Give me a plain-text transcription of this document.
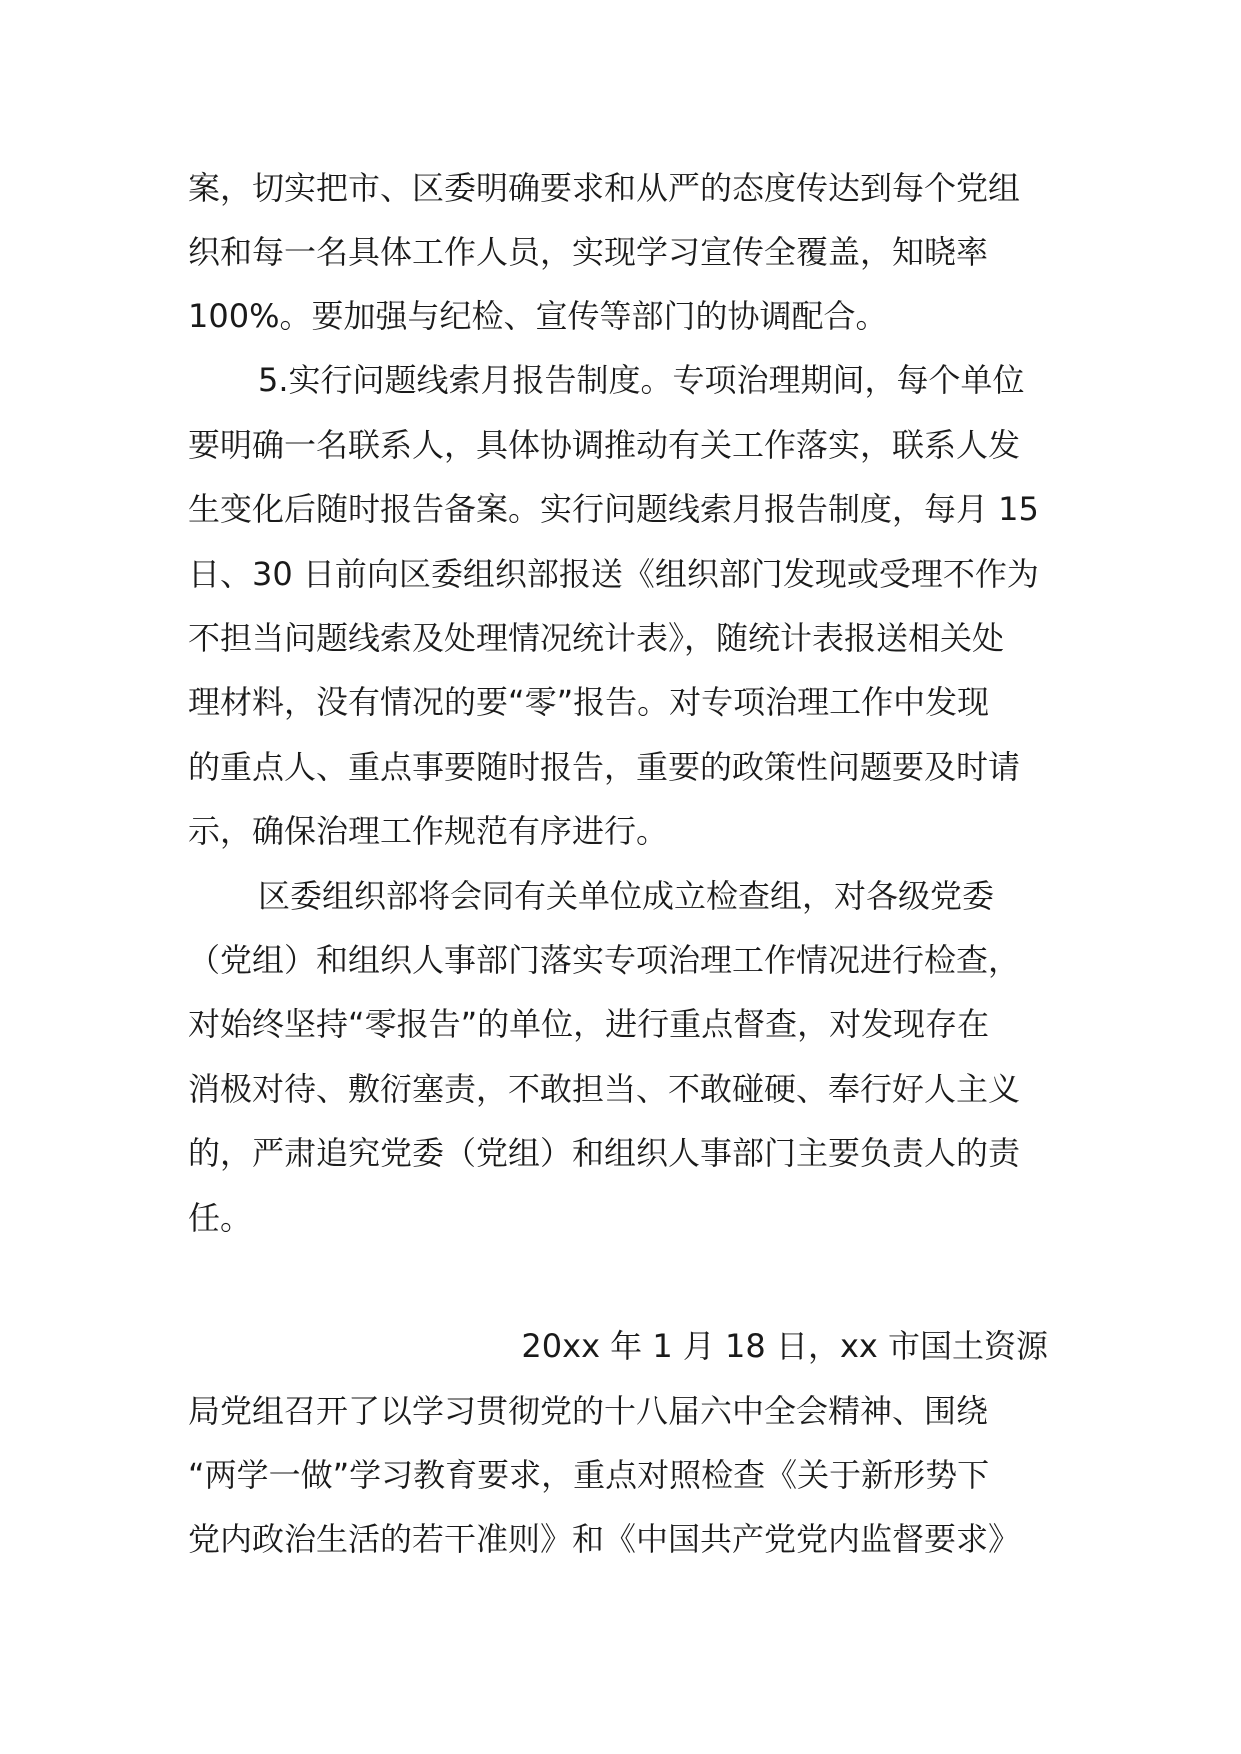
案，切实把市、区委明确要求和从严的态度传达到每个党组
织和每一名具体工作人员，实现学习宣传全覆盖，知晓率
100%。要加强与纪检、宣传等部门的协调配合。
5.实行问题线索月报告制度。专项治理期间，每个单位
要明确一名联系人，具体协调推动有关工作落实，联系人发
生变化后随时报告备案。实行问题线索月报告制度，每月 15
日、30 日前向区委组织部报送《组织部门发现或受理不作为
不担当问题线索及处理情况统计表》，随统计表报送相关处
理材料，没有情况的要“零”报告。对专项治理工作中发现
的重点人、重点事要随时报告，重要的政策性问题要及时请
示，确保治理工作规范有序进行。
区委组织部将会同有关单位成立检查组，对各级党委
（党组）和组织人事部门落实专项治理工作情况进行检查，
对始终坚持“零报告”的单位，进行重点督查，对发现存在
消极对待、敷衍塞责，不敢担当、不敢碰硬、奉行好人主义
的，严肃追究党委（党组）和组织人事部门主要负责人的责
任。
20xx 年 1 月 18 日，xx 市国土资源
局党组召开了以学习贯彻党的十八届六中全会精神、围绕
“两学一做”学习教育要求，重点对照检查《关于新形势下
党内政治生活的若干准则》和《中国共产党党内监督要求》
